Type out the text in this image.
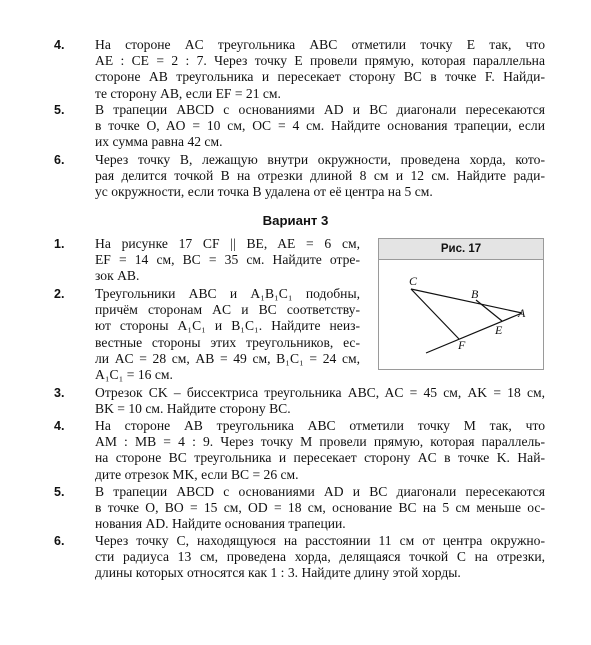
4.	На стороне AC треугольника ABC отметили точку E так, что
AE : CE = 2 : 7. Через точку E провели прямую, которая параллельна
стороне AB треугольника и пересекает сторону BC в точке F. Найди-
те сторону AB, если EF = 21 см.
5.	В трапеции ABCD с основаниями AD и BC диагонали пересекаются
в точке O, AO = 10 см, OC = 4 см. Найдите основания трапеции, если
их сумма равна 42 см.
6.	Через точку B, лежащую внутри окружности, проведена хорда, кото-
рая делится точкой B на отрезки длиной 8 см и 12 см. Найдите ради-
ус окружности, если точка B удалена от её центра на 5 см.
Вариант 3
1.	На рисунке 17 CF || BE, AE = 6 см,
EF = 14 см, BC = 35 см. Найдите отре-
зок AB.
2.	Треугольники ABC и A₁B₁C₁ подобны,
причём сторонам AC и BC соответству-
ют стороны A₁C₁ и B₁C₁. Найдите неиз-
вестные стороны этих треугольников, ес-
ли AC = 28 см, AB = 49 см, B₁C₁ = 24 см,
A₁C₁ = 16 см.
Рис. 17
C
B
A
E
F
3.	Отрезок CK – биссектриса треугольника ABC, AC = 45 см, AK = 18 см,
BK = 10 см. Найдите сторону BC.
4.	На стороне AB треугольника ABC отметили точку M так, что
AM : MB = 4 : 9. Через точку M провели прямую, которая параллель-
на стороне BC треугольника и пересекает сторону AC в точке K. Най-
дите отрезок MK, если BC = 26 см.
5.	В трапеции ABCD с основаниями AD и BC диагонали пересекаются
в точке O, BO = 15 см, OD = 18 см, основание BC на 5 см меньше ос-
нования AD. Найдите основания трапеции.
6.	Через точку C, находящуюся на расстоянии 11 см от центра окружно-
сти радиуса 13 см, проведена хорда, делящаяся точкой C на отрезки,
длины которых относятся как 1 : 3. Найдите длину этой хорды.
